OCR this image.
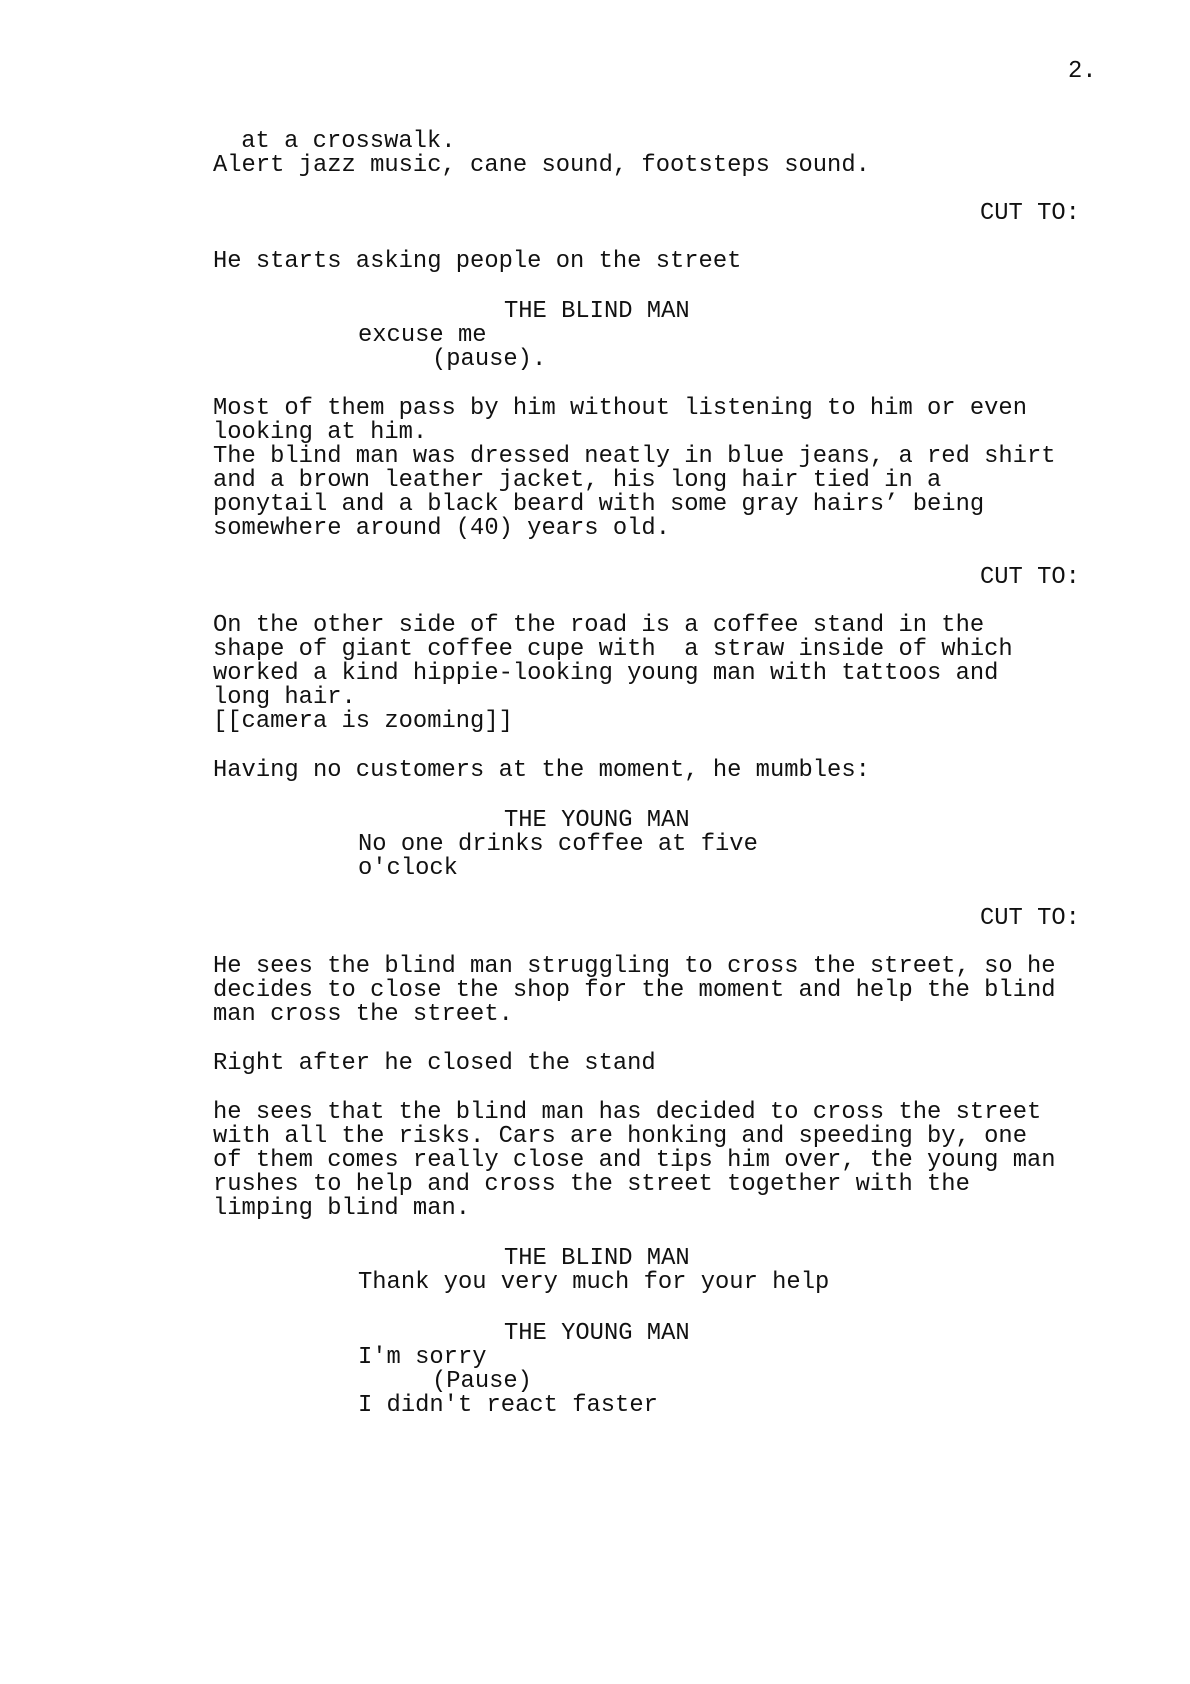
2.

at a crosswalk.

Alert jazz music, cane sound, footsteps sound.

CUT TO:

He starts asking people on the street

THE BLIND MAN

excuse me

(pause).

Most of them pass by him without listening to him or even

looking at him.

The blind man was dressed neatly in blue jeans, a red shirt

and a brown leather jacket, his long hair tied in a

ponytail and a black beard with some gray hairs’ being

somewhere around (40) years old.

CUT TO:

On the other side of the road is a coffee stand in the

shape of giant coffee cupe with  a straw inside of which

worked a kind hippie-looking young man with tattoos and

long hair.

[[camera is zooming]]

Having no customers at the moment, he mumbles:

THE YOUNG MAN

No one drinks coffee at five

o'clock

CUT TO:

He sees the blind man struggling to cross the street, so he

decides to close the shop for the moment and help the blind

man cross the street.

Right after he closed the stand

he sees that the blind man has decided to cross the street

with all the risks. Cars are honking and speeding by, one

of them comes really close and tips him over, the young man

rushes to help and cross the street together with the

limping blind man.

THE BLIND MAN

Thank you very much for your help

THE YOUNG MAN

I'm sorry

(Pause)

I didn't react faster
